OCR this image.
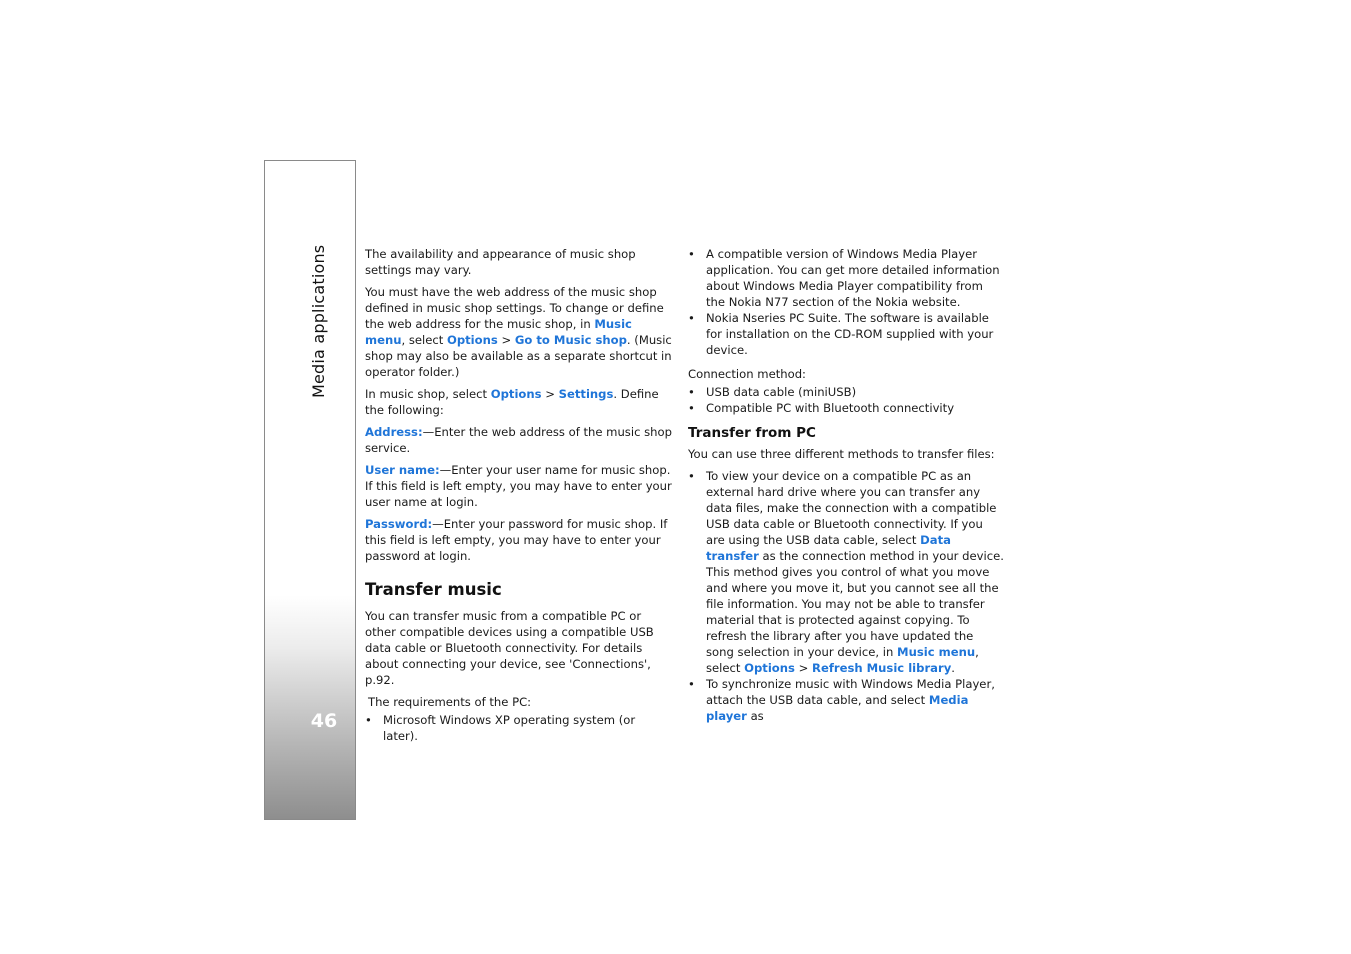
Media applications
46

The availability and appearance of music shop settings may vary.

You must have the web address of the music shop defined in music shop settings. To change or define the web address for the music shop, in Music menu, select Options > Go to Music shop. (Music shop may also be available as a separate shortcut in operator folder.)

In music shop, select Options > Settings. Define the following:

Address:—Enter the web address of the music shop service.

User name:—Enter your user name for music shop. If this field is left empty, you may have to enter your user name at login.

Password:—Enter your password for music shop. If this field is left empty, you may have to enter your password at login.

Transfer music

You can transfer music from a compatible PC or other compatible devices using a compatible USB data cable or Bluetooth connectivity. For details about connecting your device, see 'Connections', p.92.

The requirements of the PC:

• Microsoft Windows XP operating system (or later).
• A compatible version of Windows Media Player application. You can get more detailed information about Windows Media Player compatibility from the Nokia N77 section of the Nokia website.
• Nokia Nseries PC Suite. The software is available for installation on the CD-ROM supplied with your device.

Connection method:

• USB data cable (miniUSB)
• Compatible PC with Bluetooth connectivity
Transfer from PC

You can use three different methods to transfer files:

• To view your device on a compatible PC as an external hard drive where you can transfer any data files, make the connection with a compatible USB data cable or Bluetooth connectivity. If you are using the USB data cable, select Data transfer as the connection method in your device. This method gives you control of what you move and where you move it, but you cannot see all the file information. You may not be able to transfer material that is protected against copying. To refresh the library after you have updated the song selection in your device, in Music menu, select Options > Refresh Music library.
• To synchronize music with Windows Media Player, attach the USB data cable, and select Media player as
